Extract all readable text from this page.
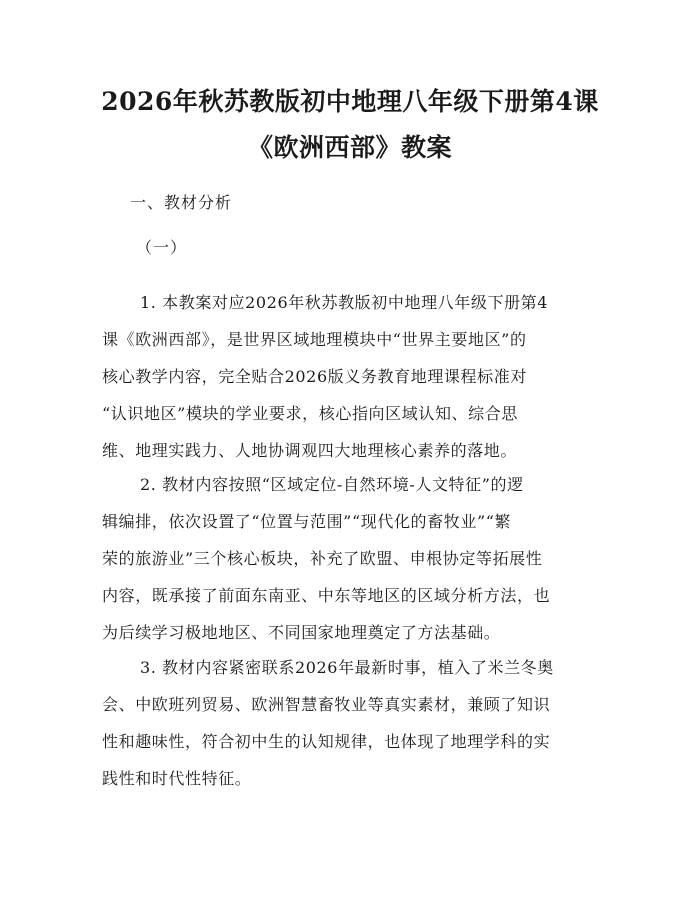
2026年秋苏教版初中地理八年级下册第4课
《欧洲西部》教案
一、教材分析
（一）
1. 本教案对应2026年秋苏教版初中地理八年级下册第4
课《欧洲西部》，是世界区域地理模块中“世界主要地区”的
核心教学内容，完全贴合2026版义务教育地理课程标准对
“认识地区”模块的学业要求，核心指向区域认知、综合思
维、地理实践力、人地协调观四大地理核心素养的落地。
2. 教材内容按照“区域定位-自然环境-人文特征”的逻
辑编排，依次设置了“位置与范围”“现代化的畜牧业”“繁
荣的旅游业”三个核心板块，补充了欧盟、申根协定等拓展性
内容，既承接了前面东南亚、中东等地区的区域分析方法，也
为后续学习极地地区、不同国家地理奠定了方法基础。
3. 教材内容紧密联系2026年最新时事，植入了米兰冬奥
会、中欧班列贸易、欧洲智慧畜牧业等真实素材，兼顾了知识
性和趣味性，符合初中生的认知规律，也体现了地理学科的实
践性和时代性特征。
